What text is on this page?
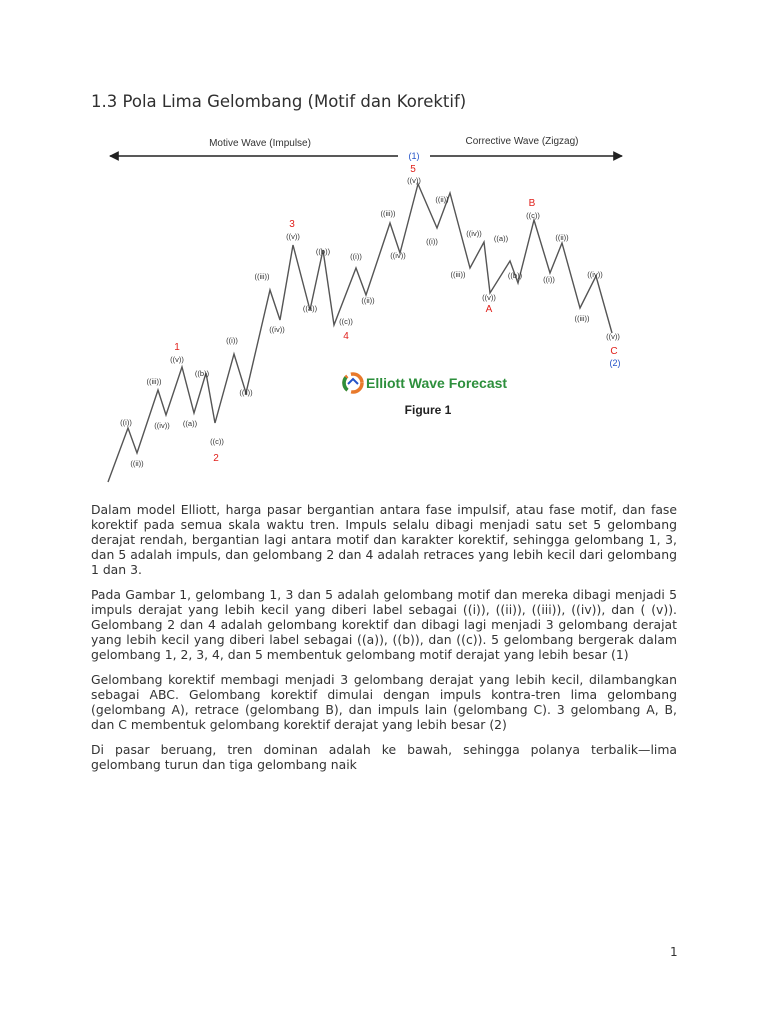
1.3 Pola Lima Gelombang (Motif dan Korektif)
Motive Wave (Impulse)	Corrective Wave (Zigzag)
((i))
((ii))
((iii))
((iv))
((v))
1
((a))
((b))
((c))
2
((i))
((ii))
((iii))
((iv))
((v))
3
((a))
((b))
((c))
4
((i))
((ii))
((iii))
((iv))
((v))
5
(1)
((i))
((ii))
((iii))
((iv))
((v))
A
((a))
((b))
((c))
B
((i))
((ii))
((iii))
((iv))
((v))
C
(2)
Elliott Wave Forecast
Figure 1

Dalam model Elliott, harga pasar bergantian antara fase impulsif, atau fase motif, dan fase korektif pada semua skala waktu tren. Impuls selalu dibagi menjadi satu set 5 gelombang derajat rendah, bergantian lagi antara motif dan karakter korektif, sehingga gelombang 1, 3, dan 5 adalah impuls, dan gelombang 2 dan 4 adalah retraces yang lebih kecil dari gelombang 1 dan 3.

Pada Gambar 1, gelombang 1, 3 dan 5 adalah gelombang motif dan mereka dibagi menjadi 5 impuls derajat yang lebih kecil yang diberi label sebagai ((i)), ((ii)), ((iii)), ((iv)), dan ( (v)). Gelombang 2 dan 4 adalah gelombang korektif dan dibagi lagi menjadi 3 gelombang derajat yang lebih kecil yang diberi label sebagai ((a)), ((b)), dan ((c)). 5 gelombang bergerak dalam gelombang 1, 2, 3, 4, dan 5 membentuk gelombang motif derajat yang lebih besar (1)

Gelombang korektif membagi menjadi 3 gelombang derajat yang lebih kecil, dilambangkan sebagai ABC. Gelombang korektif dimulai dengan impuls kontra-tren lima gelombang (gelombang A), retrace (gelombang B), dan impuls lain (gelombang C). 3 gelombang A, B, dan C membentuk gelombang korektif derajat yang lebih besar (2)

Di pasar beruang, tren dominan adalah ke bawah, sehingga polanya terbalik—lima gelombang turun dan tiga gelombang naik

1
